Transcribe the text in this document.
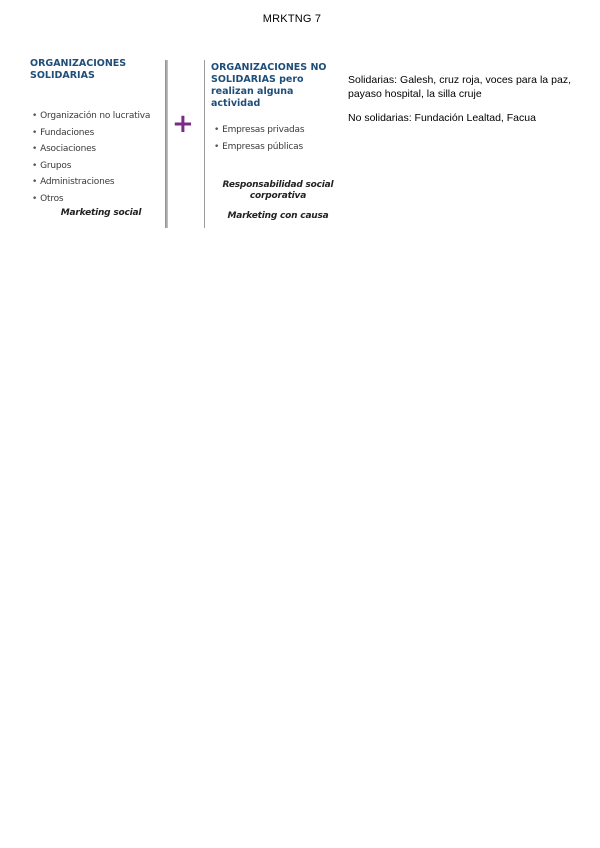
MRKTNG 7
ORGANIZACIONES SOLIDARIAS
• Organización no lucrativa
• Fundaciones
• Asociaciones
• Grupos
• Administraciones
• Otros
Marketing social
+
ORGANIZACIONES NO SOLIDARIAS pero realizan alguna actividad
• Empresas privadas
• Empresas públicas
Responsabilidad social corporativa
Marketing con causa

Solidarias: Galesh, cruz roja, voces para la paz, payaso hospital, la silla cruje

No solidarias: Fundación Lealtad, Facua
